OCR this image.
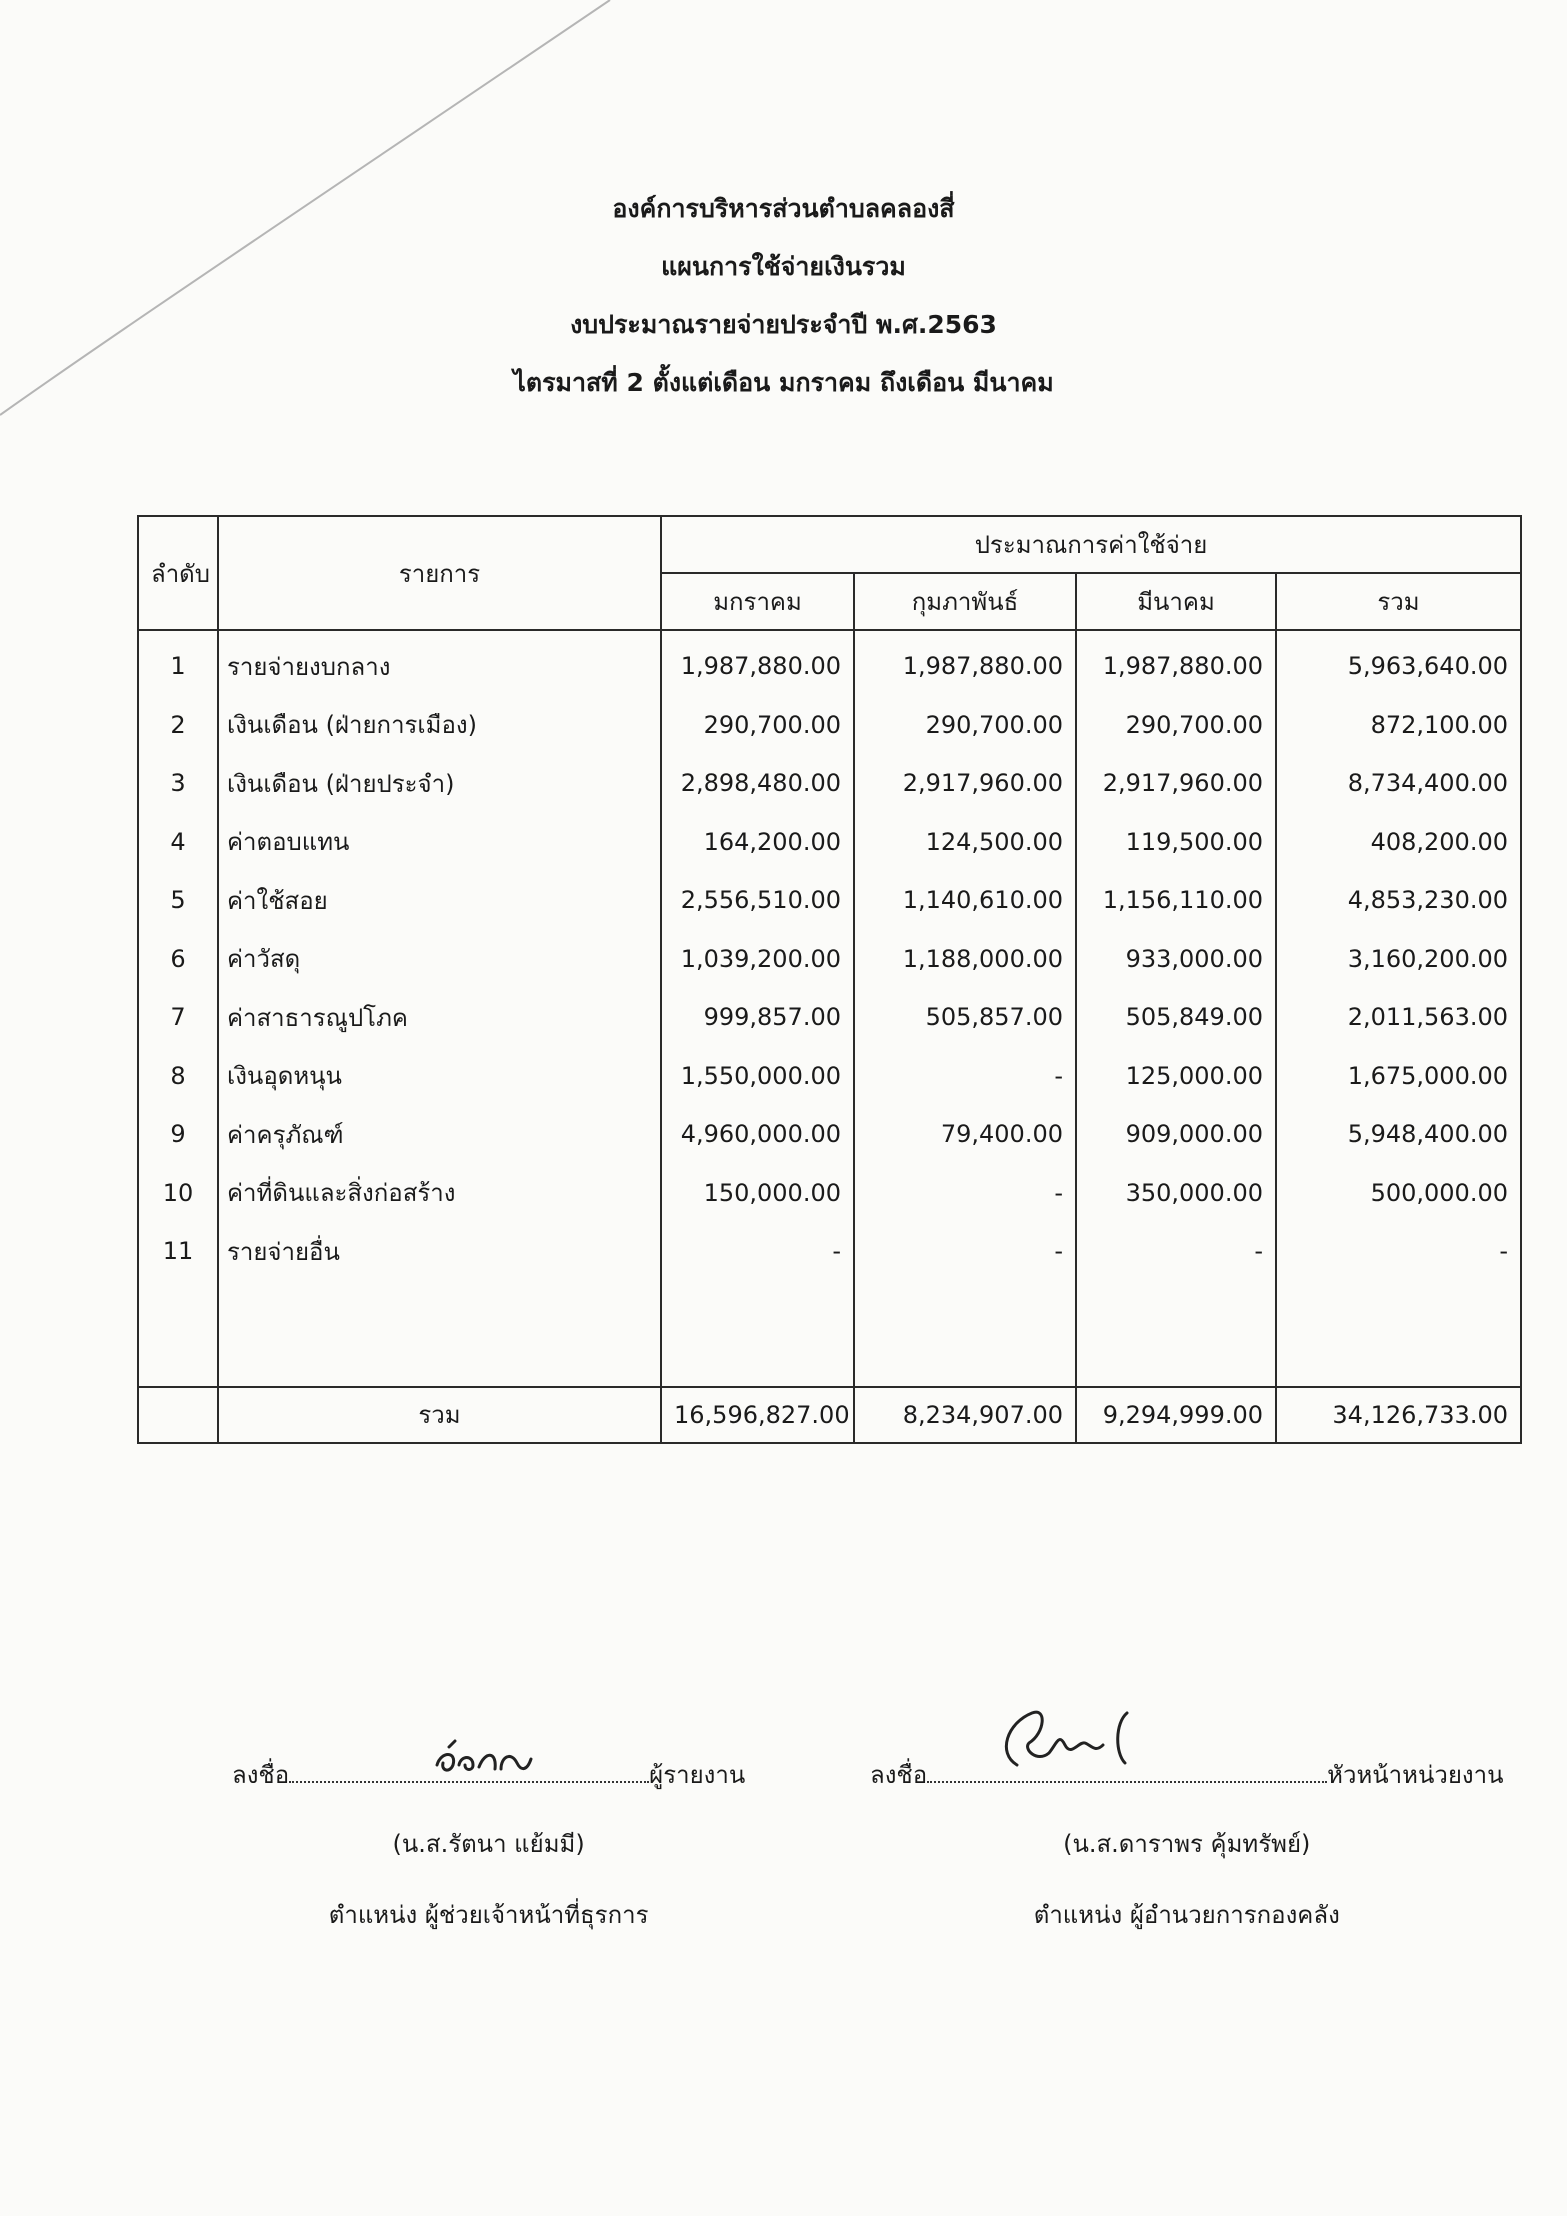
องค์การบริหารส่วนตำบลคลองสี่
แผนการใช้จ่ายเงินรวม
งบประมาณรายจ่ายประจำปี พ.ศ.2563
ไตรมาสที่ 2 ตั้งแต่เดือน มกราคม ถึงเดือน มีนาคม
ลำดับ	รายการ	ประมาณการค่าใช้จ่าย			
		มกราคม	กุมภาพันธ์	มีนาคม	รวม
1	รายจ่ายงบกลาง	1,987,880.00	1,987,880.00	1,987,880.00	5,963,640.00
2	เงินเดือน (ฝ่ายการเมือง)	290,700.00	290,700.00	290,700.00	872,100.00
3	เงินเดือน (ฝ่ายประจำ)	2,898,480.00	2,917,960.00	2,917,960.00	8,734,400.00
4	ค่าตอบแทน	164,200.00	124,500.00	119,500.00	408,200.00
5	ค่าใช้สอย	2,556,510.00	1,140,610.00	1,156,110.00	4,853,230.00
6	ค่าวัสดุ	1,039,200.00	1,188,000.00	933,000.00	3,160,200.00
7	ค่าสาธารณูปโภค	999,857.00	505,857.00	505,849.00	2,011,563.00
8	เงินอุดหนุน	1,550,000.00	-	125,000.00	1,675,000.00
9	ค่าครุภัณฑ์	4,960,000.00	79,400.00	909,000.00	5,948,400.00
10	ค่าที่ดินและสิ่งก่อสร้าง	150,000.00	-	350,000.00	500,000.00
11	รายจ่ายอื่น	-	-	-	-

	รวม	16,596,827.00	8,234,907.00	9,294,999.00	34,126,733.00
ลงชื่อ	ผู้รายงาน
(น.ส.รัตนา แย้มมี)
ตำแหน่ง ผู้ช่วยเจ้าหน้าที่ธุรการ
ลงชื่อ	หัวหน้าหน่วยงาน
(น.ส.ดาราพร คุ้มทรัพย์)
ตำแหน่ง ผู้อำนวยการกองคลัง
